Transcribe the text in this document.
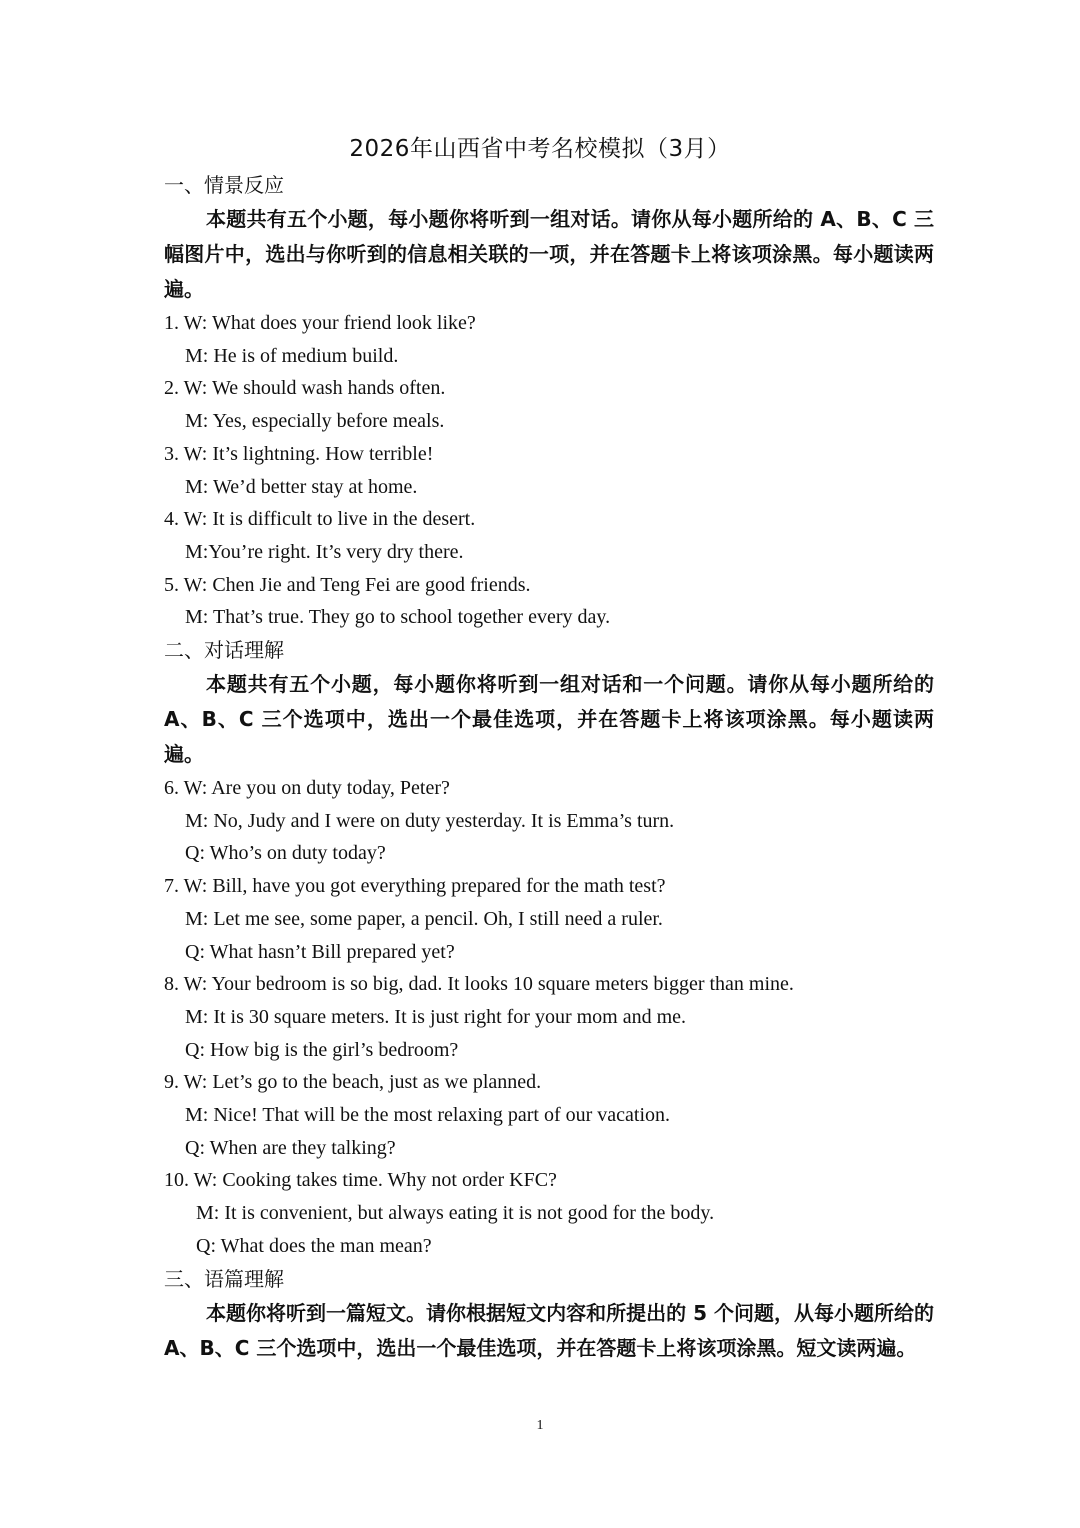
2026年山西省中考名校模拟（3月）
一、情景反应
本题共有五个小题，每小题你将听到一组对话。请你从每小题所给的 A、B、C 三幅图片中，选出与你听到的信息相关联的一项，并在答题卡上将该项涂黑。每小题读两遍。
1. W: What does your friend look like?
M: He is of medium build.
2. W: We should wash hands often.
M: Yes, especially before meals.
3. W: It’s lightning. How terrible!
M: We’d better stay at home.
4. W: It is difficult to live in the desert.
M:You’re right. It’s very dry there.
5. W: Chen Jie and Teng Fei are good friends.
M: That’s true. They go to school together every day.
二、对话理解
本题共有五个小题，每小题你将听到一组对话和一个问题。请你从每小题所给的 A、B、C 三个选项中，选出一个最佳选项，并在答题卡上将该项涂黑。每小题读两遍。
6. W: Are you on duty today, Peter?
M: No, Judy and I were on duty yesterday. It is Emma’s turn.
Q: Who’s on duty today?
7. W: Bill, have you got everything prepared for the math test?
M: Let me see, some paper, a pencil. Oh, I still need a ruler.
Q: What hasn’t Bill prepared yet?
8. W: Your bedroom is so big, dad. It looks 10 square meters bigger than mine.
M: It is 30 square meters. It is just right for your mom and me.
Q: How big is the girl’s bedroom?
9. W: Let’s go to the beach, just as we planned.
M: Nice! That will be the most relaxing part of our vacation.
Q: When are they talking?
10. W: Cooking takes time. Why not order KFC?
M: It is convenient, but always eating it is not good for the body.
Q: What does the man mean?
三、语篇理解
本题你将听到一篇短文。请你根据短文内容和所提出的 5 个问题，从每小题所给的 A、B、C 三个选项中，选出一个最佳选项，并在答题卡上将该项涂黑。短文读两遍。
1
